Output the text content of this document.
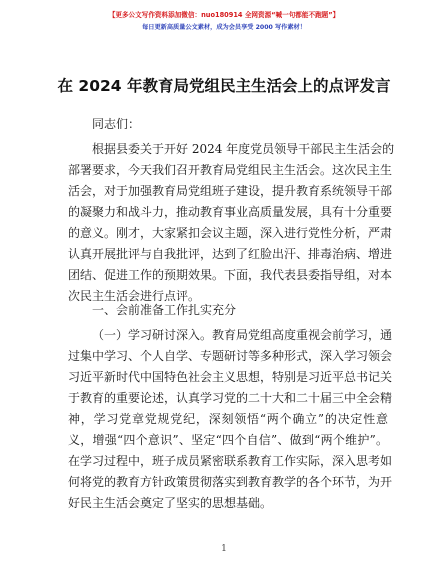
【更多公文写作资料添加微信：nuo180914 全网资源“喊一句都能不跑题”】
每日更新高质量公文素材，成为会员享受 2000 写作素材！
在 2024 年教育局党组民主生活会上的点评发言
同志们：
根据县委关于开好 2024 年度党员领导干部民主生活会的
部署要求，今天我们召开教育局党组民主生活会。这次民主生
活会，对于加强教育局党组班子建设，提升教育系统领导干部
的凝聚力和战斗力，推动教育事业高质量发展，具有十分重要
的意义。刚才，大家紧扣会议主题，深入进行党性分析，严肃
认真开展批评与自我批评，达到了红脸出汗、排毒治病、增进
团结、促进工作的预期效果。下面，我代表县委指导组，对本
次民主生活会进行点评。
一、会前准备工作扎实充分
（一）学习研讨深入。教育局党组高度重视会前学习，通
过集中学习、个人自学、专题研讨等多种形式，深入学习领会
习近平新时代中国特色社会主义思想，特别是习近平总书记关
于教育的重要论述，认真学习党的二十大和二十届三中全会精
神，学习党章党规党纪，深刻领悟“两个确立”的决定性意
义，增强“四个意识”、坚定“四个自信”、做到“两个维护”。
在学习过程中，班子成员紧密联系教育工作实际，深入思考如
何将党的教育方针政策贯彻落实到教育教学的各个环节，为开
好民主生活会奠定了坚实的思想基础。
1
